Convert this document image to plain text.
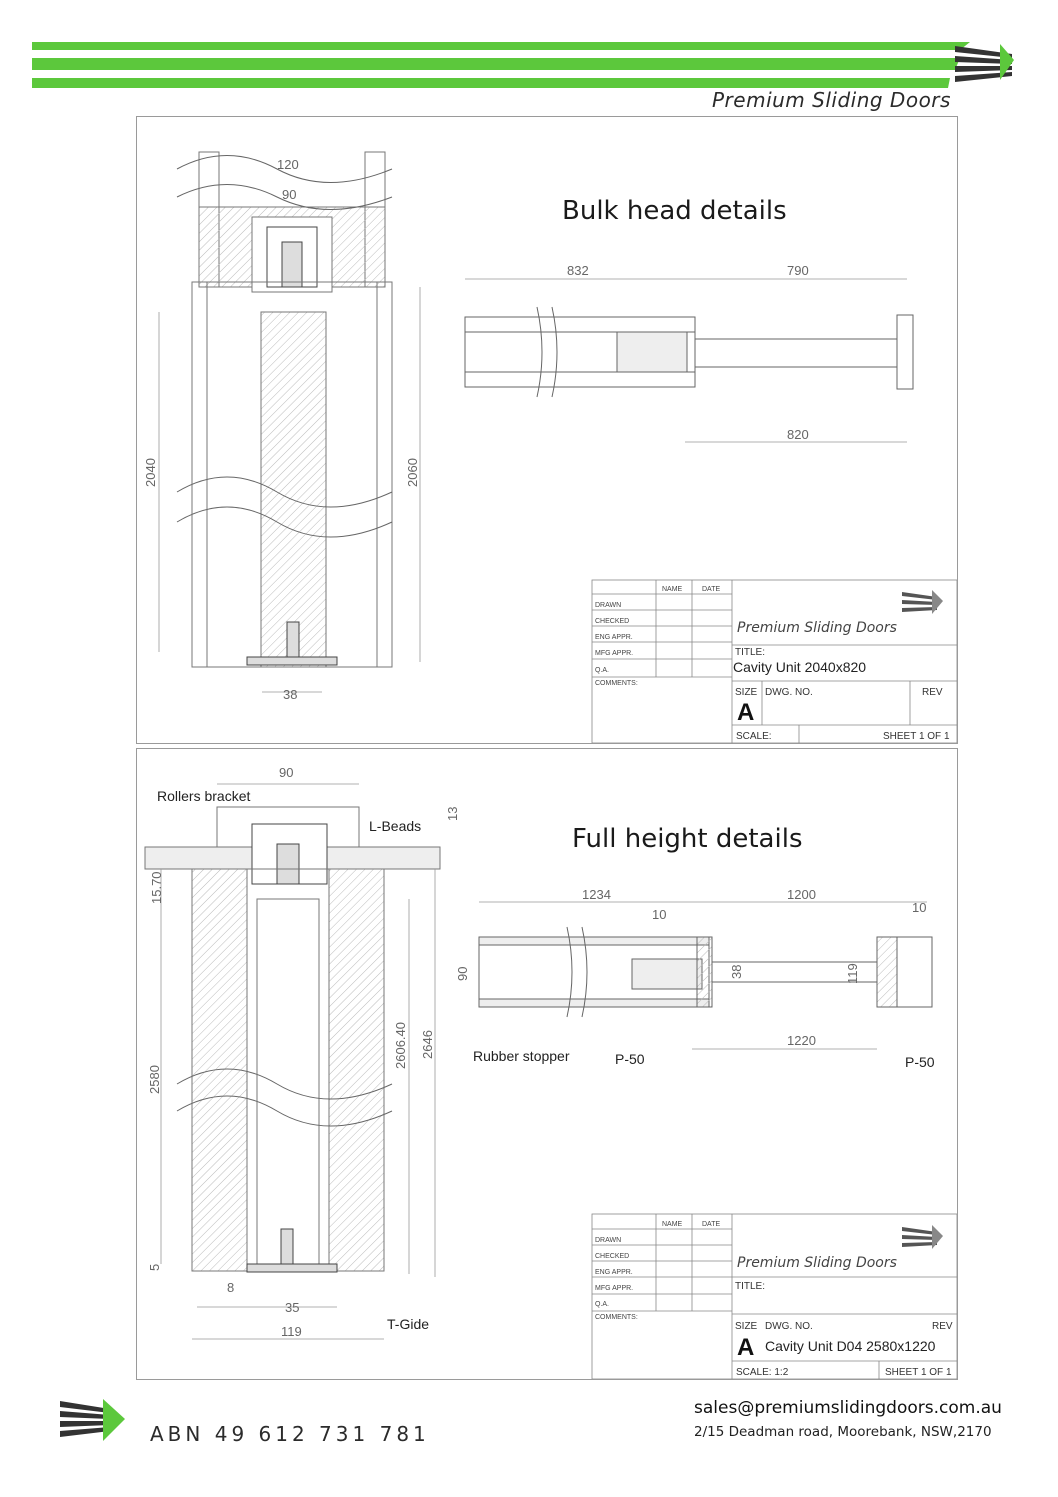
Premium Sliding Doors
120
90
2040	2060
38
Bulk head details
832	790
820
NAME	DATE
DRAWN
CHECKED
ENG APPR.
MFG APPR.
Q.A.
COMMENTS:
Premium Sliding Doors
TITLE:
Cavity Unit 2040x820
SIZE
A
DWG. NO.	REV
SCALE:	SHEET 1 OF 1
Rollers bracket
L-Beads
T-Gide
90
13
15.70
2580
2606.40 2646
5
8
35
119
Full height details
Rubber stopper	P-50	P-50
1234	1200
10	10
90	38	119
1220
NAME	DATE
DRAWN
CHECKED
ENG APPR.
MFG APPR.
Q.A.
COMMENTS:
Premium Sliding Doors
TITLE:
SIZE
A
DWG. NO.
Cavity Unit D04 2580x1220
REV
SCALE: 1:2	SHEET 1 OF 1
ABN 49 612 731 781
sales@premiumslidingdoors.com.au
2/15 Deadman road, Moorebank, NSW,2170
